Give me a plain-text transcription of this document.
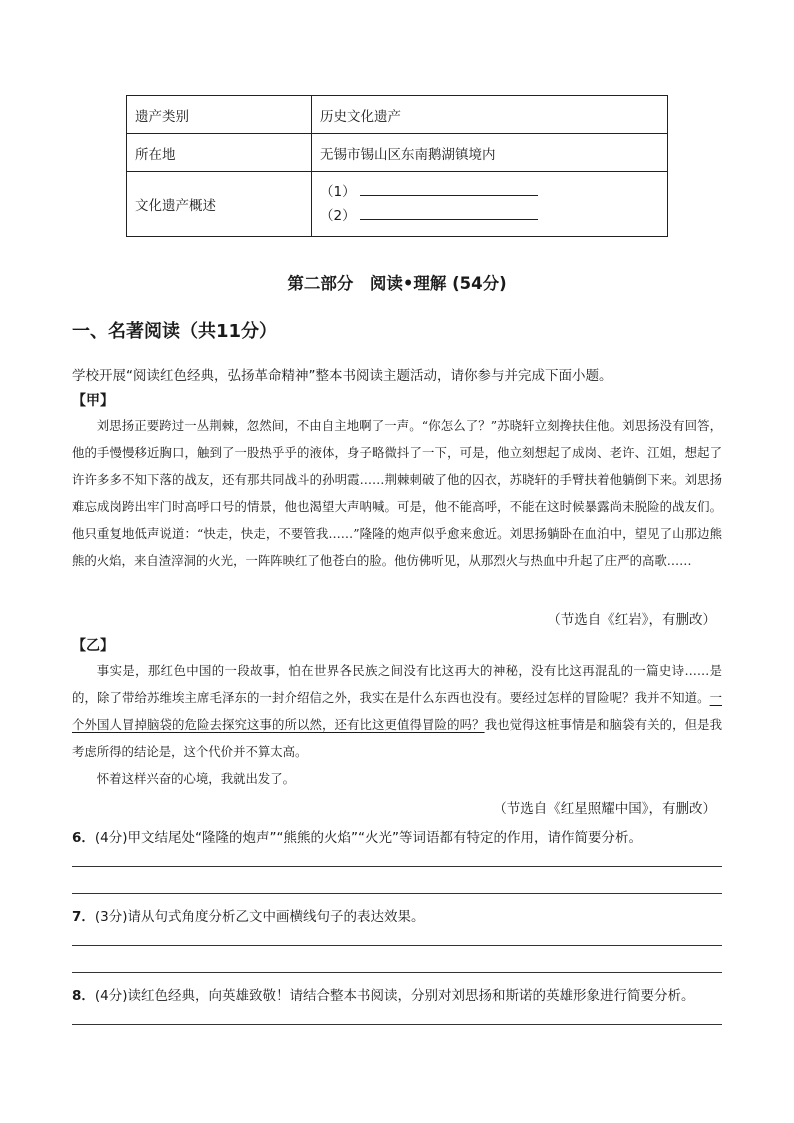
遗产类别	历史文化遗产
所在地	无锡市锡山区东南鹅湖镇境内
文化遗产概述	（1）
（2）
第二部分　阅读•理解 (54分)
一、名著阅读（共11分）
学校开展“阅读红色经典，弘扬革命精神”整本书阅读主题活动，请你参与并完成下面小题。
【甲】

刘思扬正要跨过一丛荆棘，忽然间，不由自主地啊了一声。“你怎么了？”苏晓轩立刻搀扶住他。刘思扬没有回答，他的手慢慢移近胸口，触到了一股热乎乎的液体，身子略微抖了一下，可是，他立刻想起了成岗、老许、江姐，想起了许许多多不知下落的战友，还有那共同战斗的孙明霞……荆棘刺破了他的囚衣，苏晓轩的手臂扶着他躺倒下来。刘思扬难忘成岗跨出牢门时高呼口号的情景，他也渴望大声呐喊。可是，他不能高呼，不能在这时候暴露尚未脱险的战友们。他只重复地低声说道：“快走，快走，不要管我……”隆隆的炮声似乎愈来愈近。刘思扬躺卧在血泊中，望见了山那边熊熊的火焰，来自渣滓洞的火光，一阵阵映红了他苍白的脸。他仿佛听见，从那烈火与热血中升起了庄严的高歌……

（节选自《红岩》，有删改）
【乙】

事实是，那红色中国的一段故事，怕在世界各民族之间没有比这再大的神秘，没有比这再混乱的一篇史诗……是的，除了带给苏维埃主席毛泽东的一封介绍信之外，我实在是什么东西也没有。要经过怎样的冒险呢？我并不知道。一个外国人冒掉脑袋的危险去探究这事的所以然，还有比这更值得冒险的吗？我也觉得这桩事情是和脑袋有关的，但是我考虑所得的结论是，这个代价并不算太高。

怀着这样兴奋的心境，我就出发了。

（节选自《红星照耀中国》，有删改）
6．(4分)甲文结尾处“隆隆的炮声”“熊熊的火焰”“火光”等词语都有特定的作用，请作简要分析。
7．(3分)请从句式角度分析乙文中画横线句子的表达效果。
8．(4分)读红色经典，向英雄致敬！请结合整本书阅读，分别对刘思扬和斯诺的英雄形象进行简要分析。
